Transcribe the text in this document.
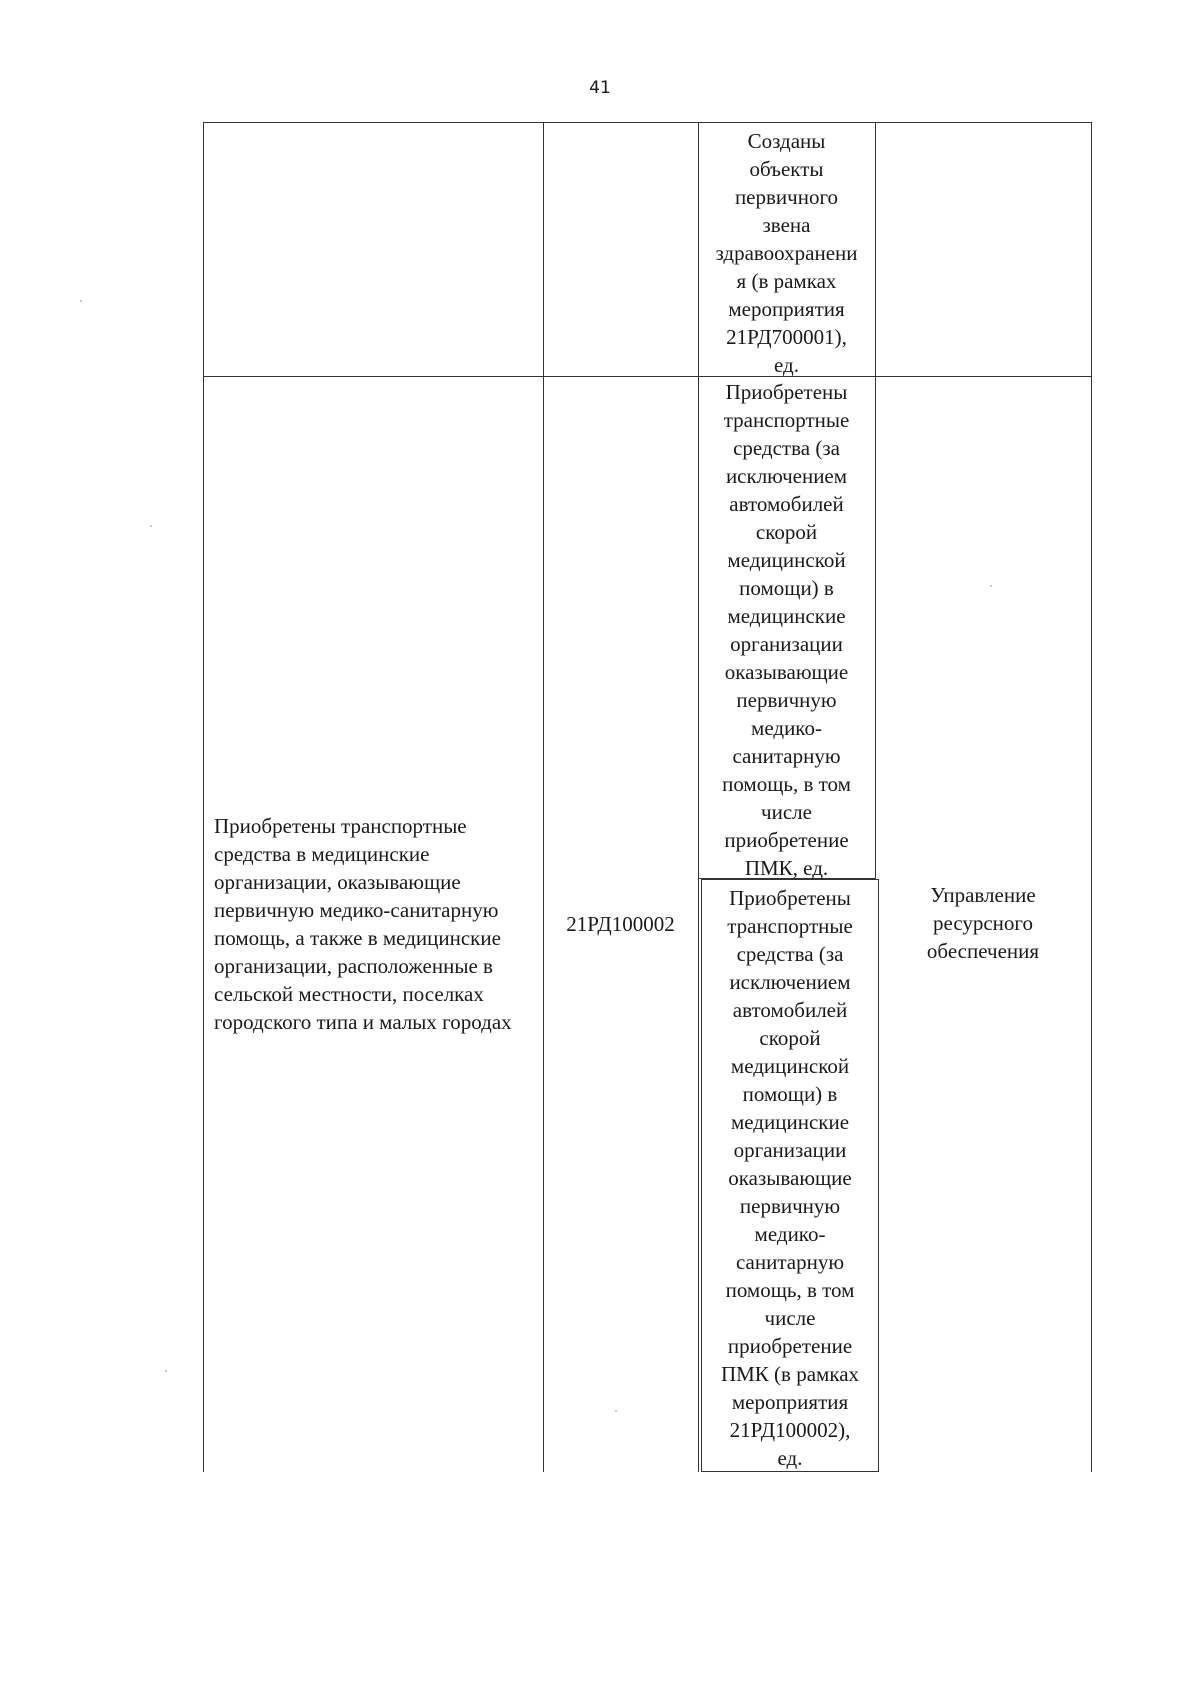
41
Созданы
объекты
первичного
звена
здравоохранени
я (в рамках
мероприятия
21РД700001),
ед.
Приобретены транспортные
средства в медицинские
организации, оказывающие
первичную медико-санитарную
помощь, а также в медицинские
организации, расположенные в
сельской местности, поселках
городского типа и малых городах
21РД100002
Приобретены
транспортные
средства (за
исключением
автомобилей
скорой
медицинской
помощи) в
медицинские
организации
оказывающие
первичную
медико-
санитарную
помощь, в том
числе
приобретение
ПМК, ед.
Приобретены
транспортные
средства (за
исключением
автомобилей
скорой
медицинской
помощи) в
медицинские
организации
оказывающие
первичную
медико-
санитарную
помощь, в том
числе
приобретение
ПМК (в рамках
мероприятия
21РД100002),
ед.
Управление
ресурсного
обеспечения
